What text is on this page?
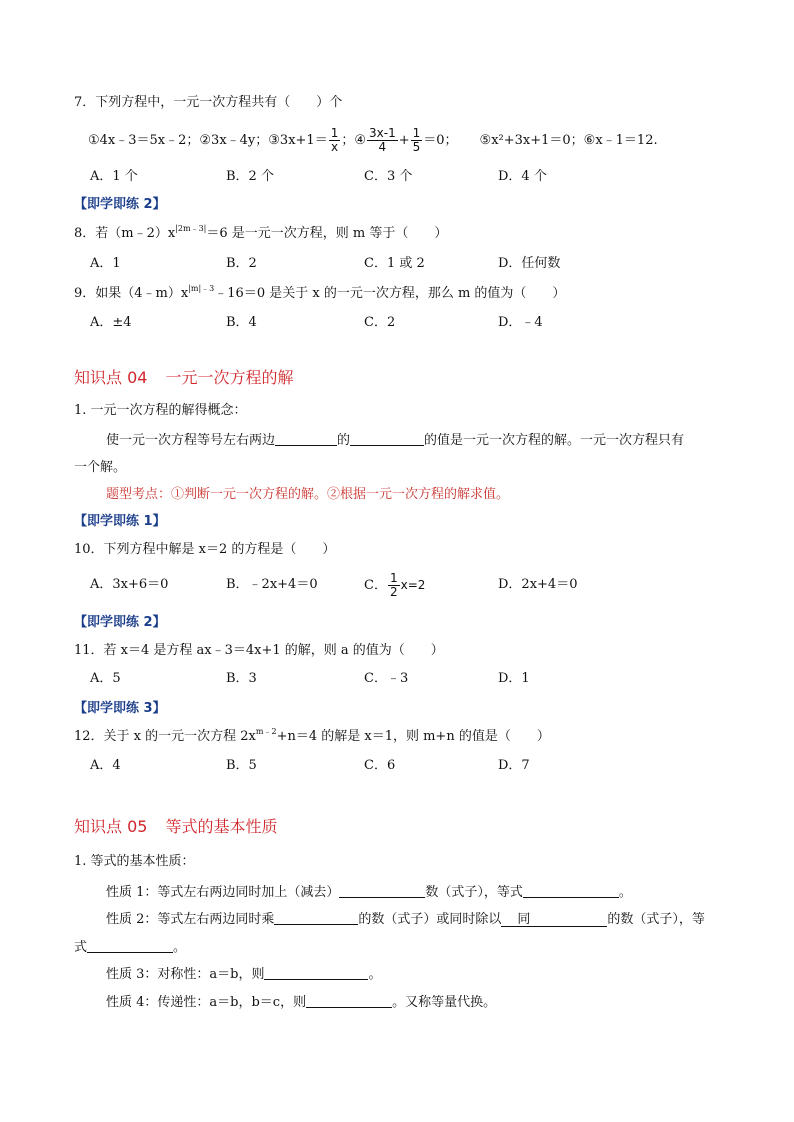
7．下列方程中，一元一次方程共有（　　）个
①4x﹣3＝5x﹣2； ②3x﹣4y； ③3x+1＝ $\frac{1}{x}$ ； ④ $\frac{3x-1}{4} + \frac{1}{5} =0$； ⑤x²+3x+1＝0；⑥x﹣1＝12.
A．1 个	B．2 个	C．3 个	D．4 个
【即学即练 2】
8．若$(m﹣2)x^{|2m﹣3|}=6$ 是一元一次方程，则 m 等于（　　）
A．1	B．2	C．1 或 2	D．任何数
9．如果$(4﹣m)x^{|m|﹣3}﹣16=0$ 是关于 x 的一元一次方程，那么 m 的值为（　　）
A．±4	B．4	C．2	D．﹣4
知识点 04 一元一次方程的解
1. 一元一次方程的解得概念：
使一元一次方程等号左右两边	的	的值是一元一次方程的解。一元一次方程只有
一个解。
题型考点：①判断一元一次方程的解。②根据一元一次方程的解求值。
【即学即练 1】
10．下列方程中解是 x＝2 的方程是（　　）
A．3x+6＝0	B．﹣2x+4＝0	C． $\frac{1}{2} x=2$	D．2x+4＝0
【即学即练 2】
11．若 x＝4 是方程 ax﹣3＝4x+1 的解，则 a 的值为（　　）
A．5	B．3	C．﹣3	D．1
【即学即练 3】
12．关于 x 的一元一次方程 $2x^{m﹣2}+n=4$ 的解是 x＝1，则 m+n 的值是（　　）
A．4	B．5	C．6	D．7
知识点 05 等式的基本性质
1. 等式的基本性质：
性质 1：等式左右两边同时加上（减去）	数（式子），等式	。
性质 2：等式左右两边同时乘	的数（式子）或同时除以 同	的数（式子），等
式	。
性质 3：对称性：a＝b，则	。
性质 4：传递性：a＝b，b＝c，则	。又称等量代换。
